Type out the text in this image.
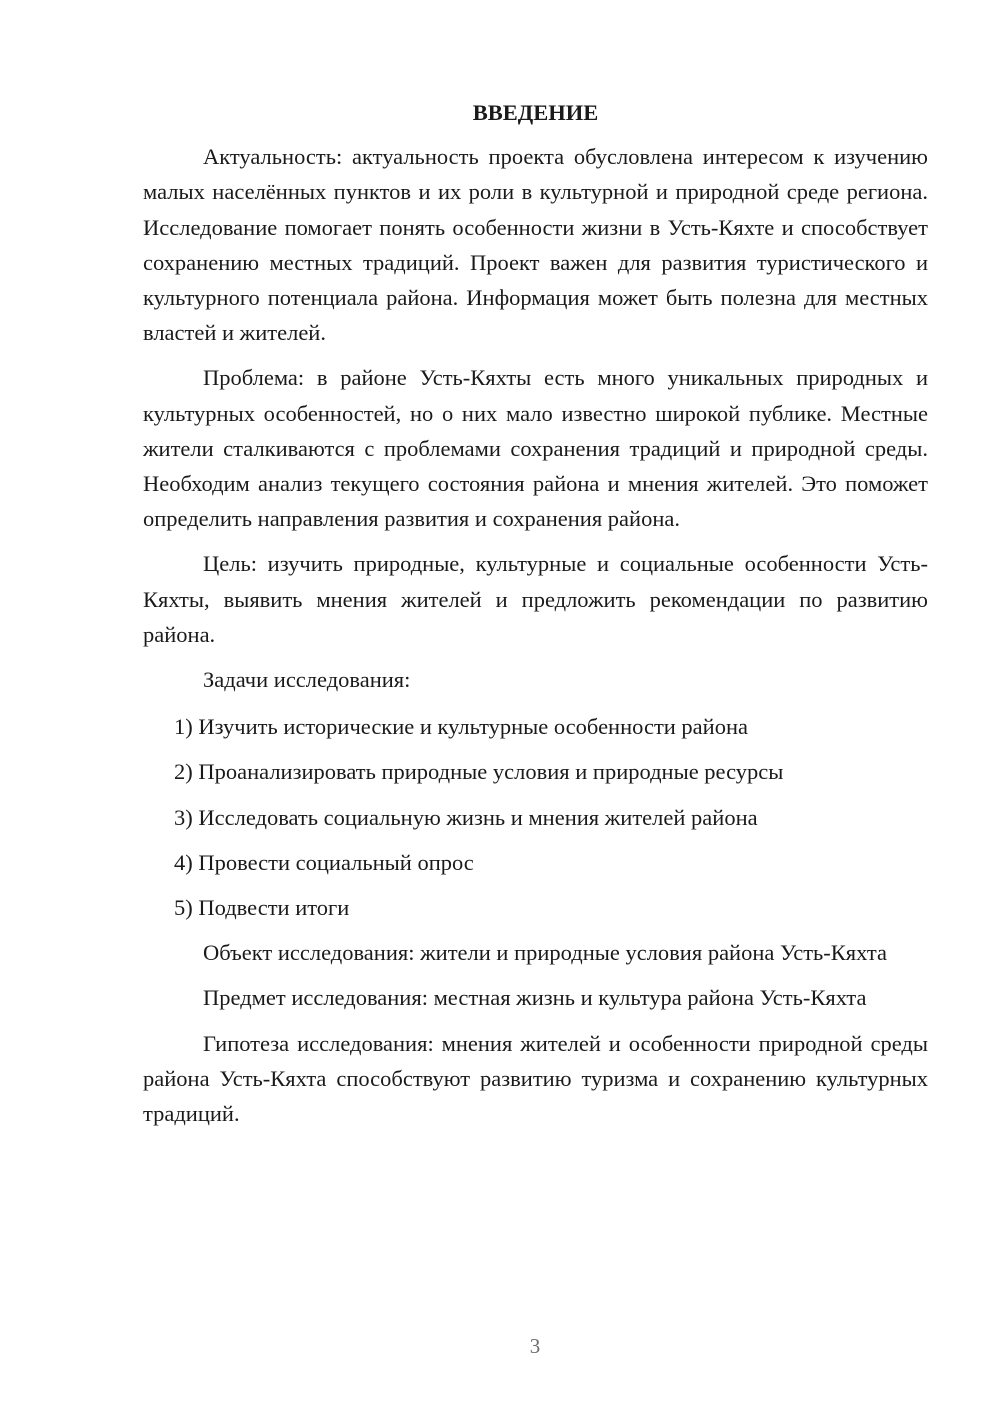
ВВЕДЕНИЕ

Актуальность: актуальность проекта обусловлена интересом к изучению малых населённых пунктов и их роли в культурной и природной среде региона. Исследование помогает понять особенности жизни в Усть-Кяхте и способствует сохранению местных традиций. Проект важен для развития туристического и культурного потенциала района. Информация может быть полезна для местных властей и жителей.

Проблема: в районе Усть-Кяхты есть много уникальных природных и культурных особенностей, но о них мало известно широкой публике. Местные жители сталкиваются с проблемами сохранения традиций и природной среды. Необходим анализ текущего состояния района и мнения жителей. Это поможет определить направления развития и сохранения района.

Цель: изучить природные, культурные и социальные особенности Усть-Кяхты, выявить мнения жителей и предложить рекомендации по развитию района.

Задачи исследования:

1) Изучить исторические и культурные особенности района
2) Проанализировать природные условия и природные ресурсы
3) Исследовать социальную жизнь и мнения жителей района
4) Провести социальный опрос
5) Подвести итоги

Объект исследования: жители и природные условия района Усть-Кяхта

Предмет исследования: местная жизнь и культура района Усть-Кяхта

Гипотеза исследования: мнения жителей и особенности природной среды района Усть-Кяхта способствуют развитию туризма и сохранению культурных традиций.

3
